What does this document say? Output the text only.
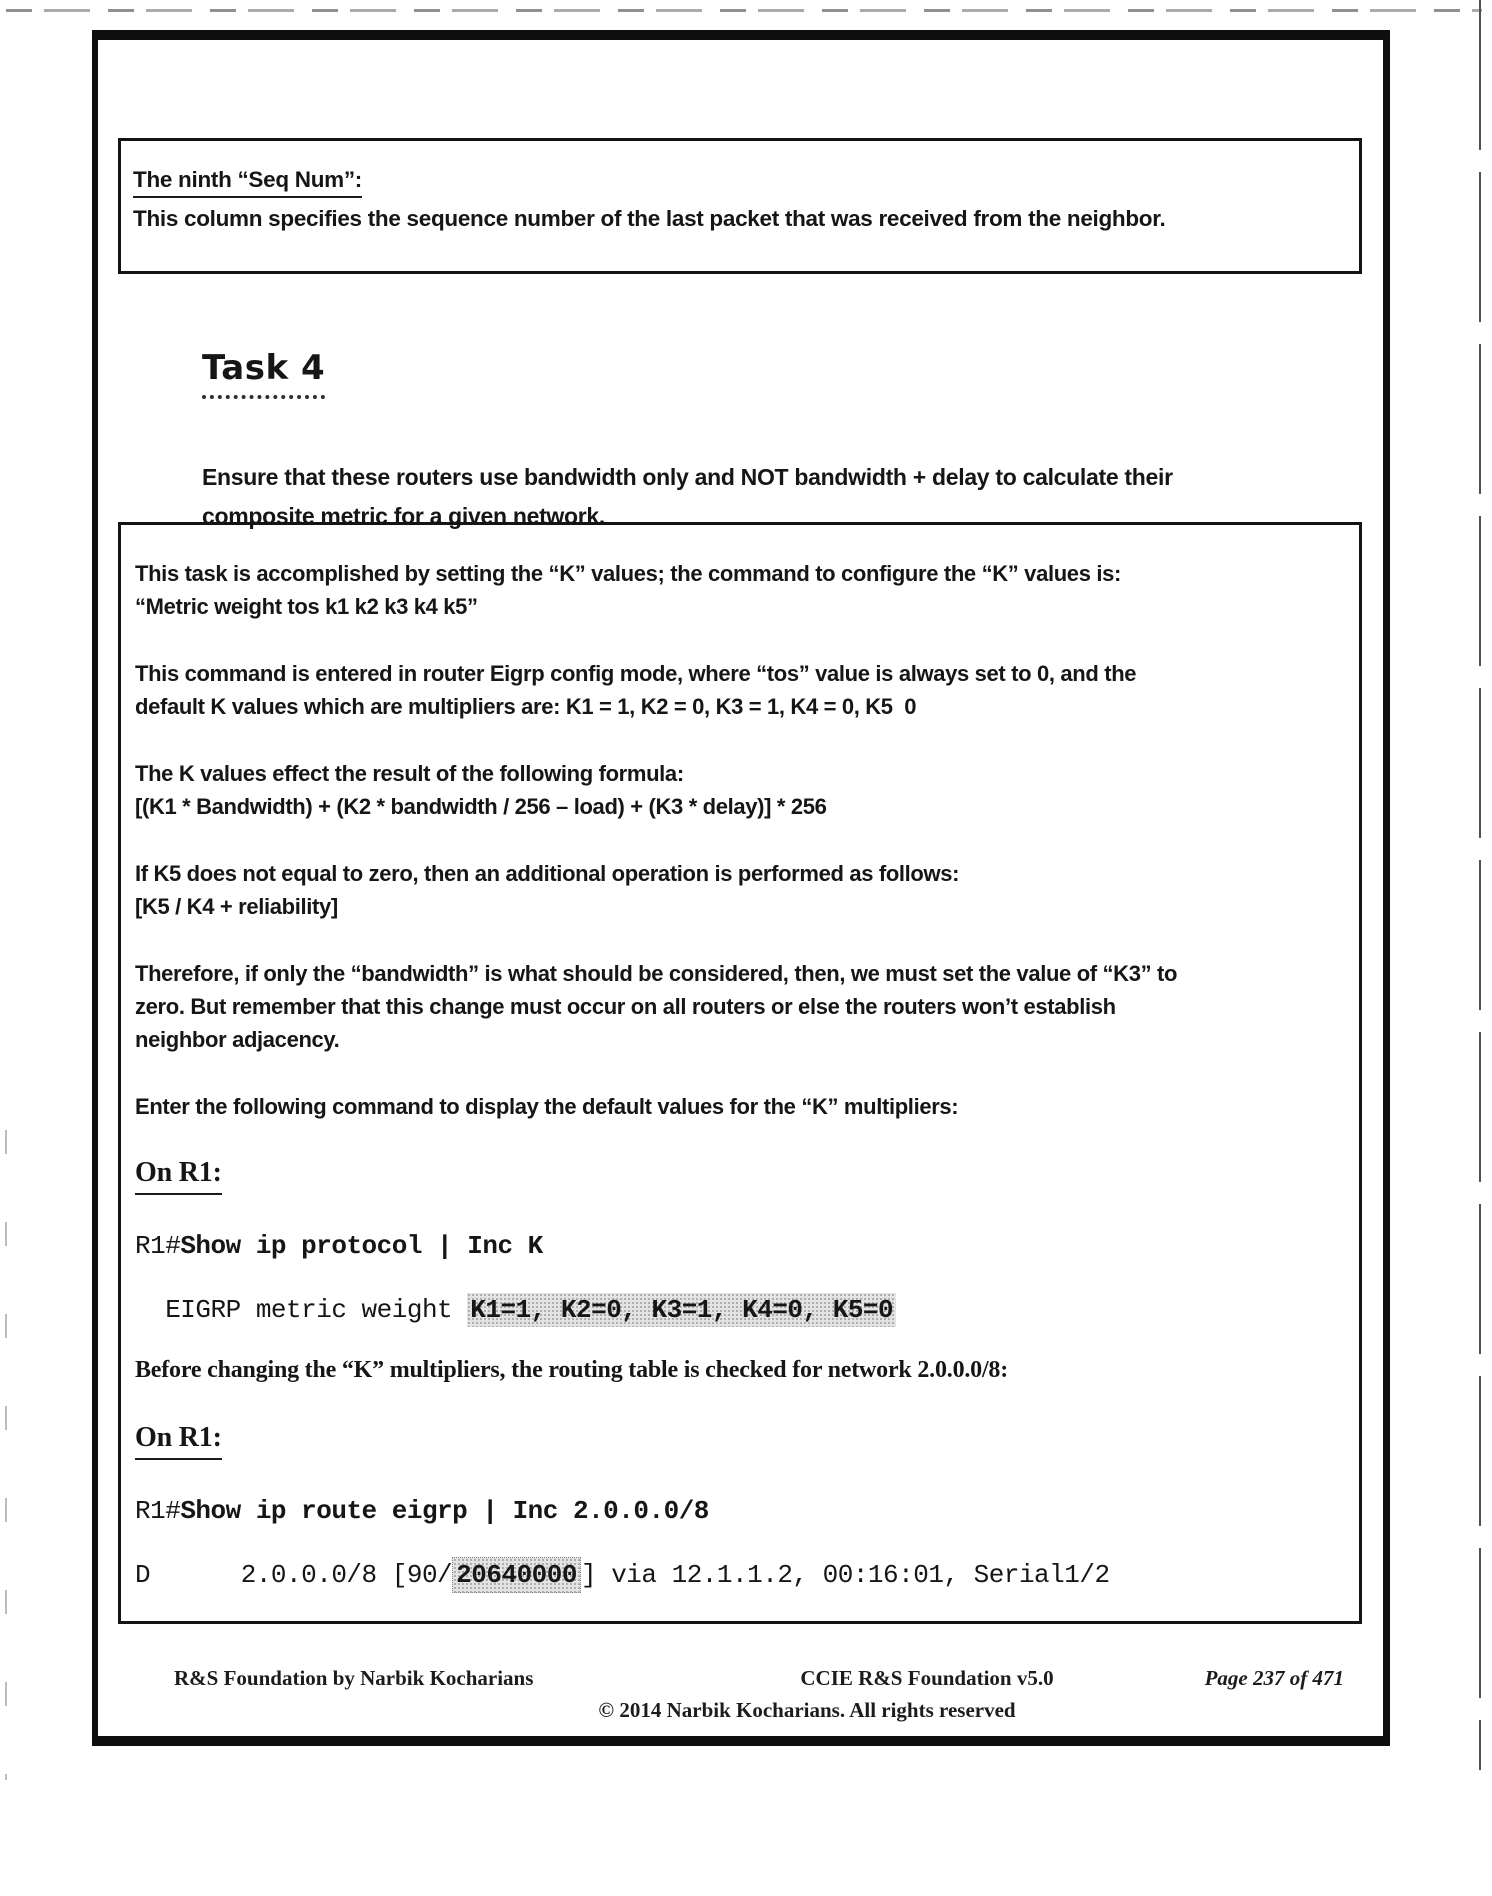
The ninth “Seq Num”:
This column specifies the sequence number of the last packet that was received from the neighbor.
Task 4
Ensure that these routers use bandwidth only and NOT bandwidth + delay to calculate their
composite metric for a given network.
This task is accomplished by setting the “K” values; the command to configure the “K” values is:
“Metric weight tos k1 k2 k3 k4 k5”
This command is entered in router Eigrp config mode, where “tos” value is always set to 0, and the
default K values which are multipliers are: K1 = 1, K2 = 0, K3 = 1, K4 = 0, K5  0
The K values effect the result of the following formula:
[(K1 * Bandwidth) + (K2 * bandwidth / 256 – load) + (K3 * delay)] * 256
If K5 does not equal to zero, then an additional operation is performed as follows:
[K5 / K4 + reliability]
Therefore, if only the “bandwidth” is what should be considered, then, we must set the value of “K3” to
zero. But remember that this change must occur on all routers or else the routers won’t establish
neighbor adjacency.
Enter the following command to display the default values for the “K” multipliers:
On R1:
R1#Show ip protocol | Inc K
EIGRP metric weight K1=1, K2=0, K3=1, K4=0, K5=0
Before changing the “K” multipliers, the routing table is checked for network 2.0.0.0/8:
On R1:
R1#Show ip route eigrp | Inc 2.0.0.0/8
D      2.0.0.0/8 [90/ 20640000 ] via 12.1.1.2, 00:16:01, Serial1/2
R&S Foundation by Narbik Kocharians	CCIE R&S Foundation v5.0	Page 237 of 471
© 2014 Narbik Kocharians. All rights reserved
